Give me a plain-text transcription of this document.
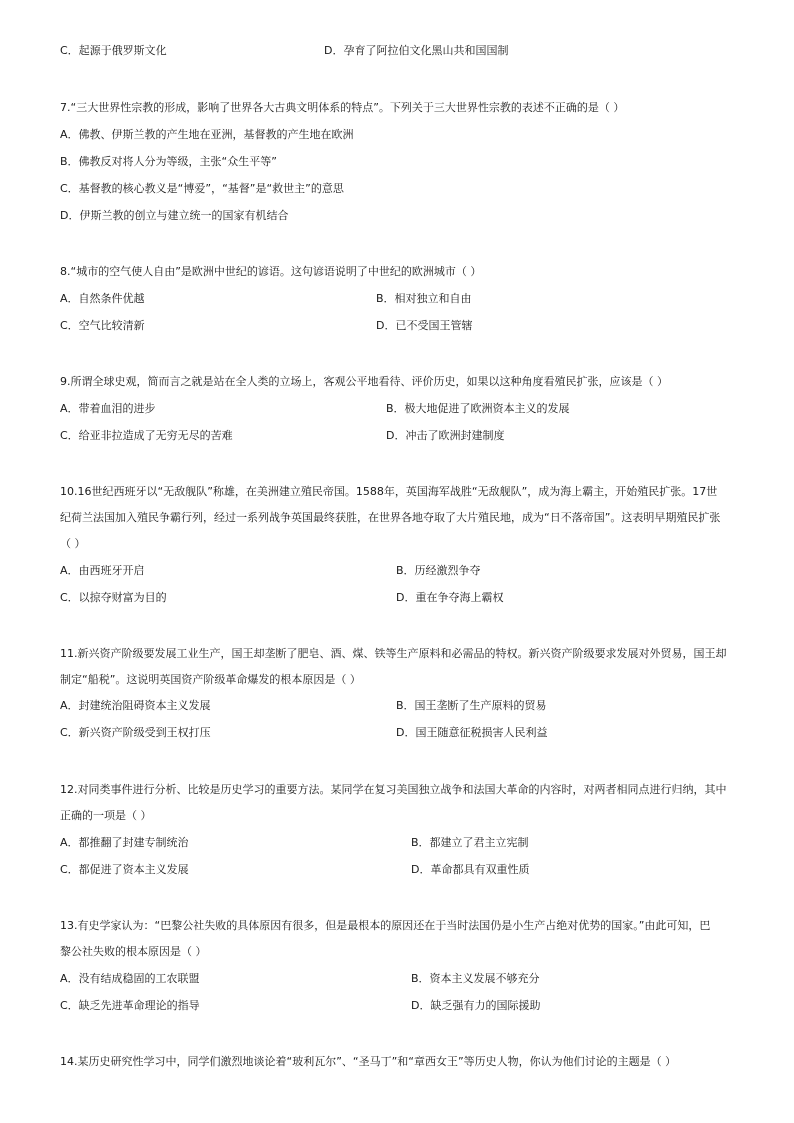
C．起源于俄罗斯文化	D．孕育了阿拉伯文化黑山共和国国制
7.“三大世界性宗教的形成，影响了世界各大古典文明体系的特点”。下列关于三大世界性宗教的表述不正确的是（ ）
A．佛教、伊斯兰教的产生地在亚洲，基督教的产生地在欧洲
B．佛教反对将人分为等级，主张“众生平等”
C．基督教的核心教义是“博爱”，“基督”是“救世主”的意思
D．伊斯兰教的创立与建立统一的国家有机结合
8.“城市的空气使人自由”是欧洲中世纪的谚语。这句谚语说明了中世纪的欧洲城市（ ）
A．自然条件优越	B．相对独立和自由
C．空气比较清新	D．已不受国王管辖
9.所谓全球史观，简而言之就是站在全人类的立场上，客观公平地看待、评价历史，如果以这种角度看殖民扩张，应该是（ ）
A．带着血泪的进步	B．极大地促进了欧洲资本主义的发展
C．给亚非拉造成了无穷无尽的苦难	D．冲击了欧洲封建制度
10.16世纪西班牙以“无敌舰队”称雄，在美洲建立殖民帝国。1588年，英国海军战胜“无敌舰队”，成为海上霸主，开始殖民扩张。17世
纪荷兰法国加入殖民争霸行列，经过一系列战争英国最终获胜，在世界各地夺取了大片殖民地，成为“日不落帝国”。这表明早期殖民扩张
（ ）
A．由西班牙开启	B．历经激烈争夺
C．以掠夺财富为目的	D．重在争夺海上霸权
11.新兴资产阶级要发展工业生产，国王却垄断了肥皂、酒、煤、铁等生产原料和必需品的特权。新兴资产阶级要求发展对外贸易，国王却
制定“船税”。这说明英国资产阶级革命爆发的根本原因是（ ）
A．封建统治阻碍资本主义发展	B．国王垄断了生产原料的贸易
C．新兴资产阶级受到王权打压	D．国王随意征税损害人民利益
12.对同类事件进行分析、比较是历史学习的重要方法。某同学在复习美国独立战争和法国大革命的内容时，对两者相同点进行归纳，其中
正确的一项是（ ）
A．都推翻了封建专制统治	B．都建立了君主立宪制
C．都促进了资本主义发展	D．革命都具有双重性质
13.有史学家认为：“巴黎公社失败的具体原因有很多，但是最根本的原因还在于当时法国仍是小生产占绝对优势的国家。”由此可知，巴
黎公社失败的根本原因是（ ）
A．没有结成稳固的工农联盟	B．资本主义发展不够充分
C．缺乏先进革命理论的指导	D．缺乏强有力的国际援助
14.某历史研究性学习中，同学们激烈地谈论着“玻利瓦尔”、“圣马丁”和“章西女王”等历史人物，你认为他们讨论的主题是（ ）
